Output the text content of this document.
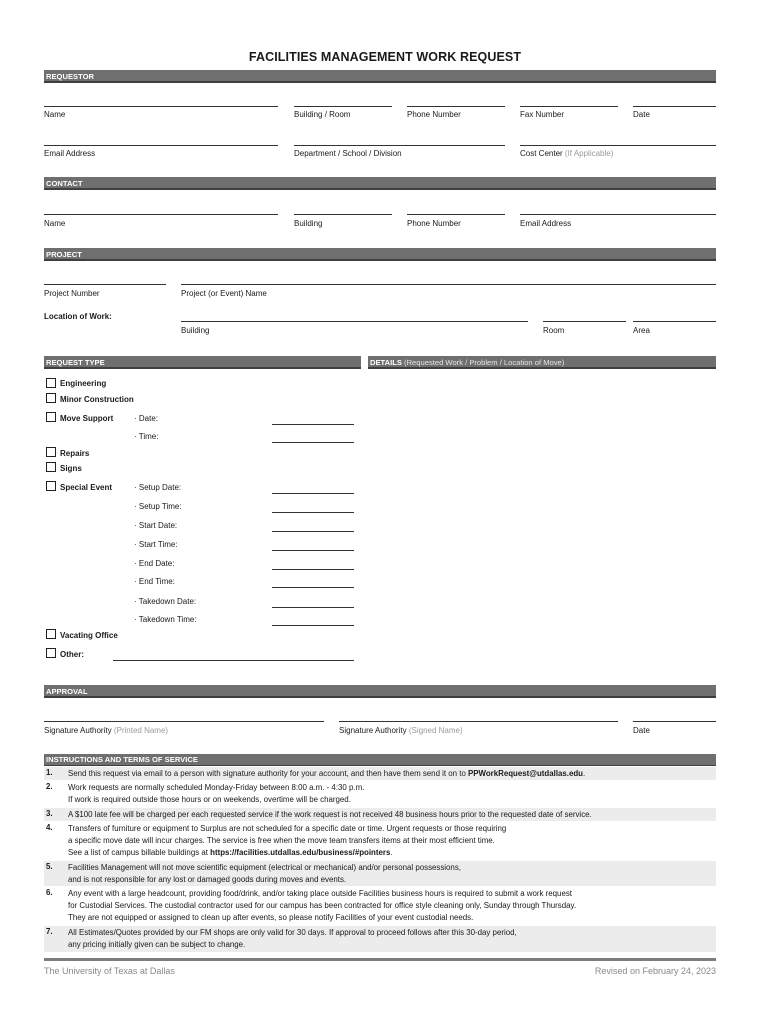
FACILITIES MANAGEMENT WORK REQUEST
REQUESTOR
Name	Building / Room	Phone Number	Fax Number	Date
Email Address	Department / School / Division	Cost Center (If Applicable)
CONTACT
Name	Building	Phone Number	Email Address
PROJECT
Project Number	Project (or Event) Name
Location of Work:
Building	Room	Area
REQUEST TYPE	DETAILS (Requested Work / Problem / Location of Move)
Engineering
Minor Construction
Move Support	· Date:
· Time:
Repairs
Signs
Special Event	· Setup Date:
· Setup Time:
· Start Date:
· Start Time:
· End Date:
· End Time:
· Takedown Date:
· Takedown Time:
Vacating Office
Other:
APPROVAL
Signature Authority (Printed Name)	Signature Authority (Signed Name)	Date
INSTRUCTIONS AND TERMS OF SERVICE
1. Send this request via email to a person with signature authority for your account, and then have them send it on to PPWorkRequest@utdallas.edu.
2. Work requests are normally scheduled Monday-Friday between 8:00 a.m. - 4:30 p.m.
If work is required outside those hours or on weekends, overtime will be charged.
3. A $100 late fee will be charged per each requested service if the work request is not received 48 business hours prior to the requested date of service.
4. Transfers of furniture or equipment to Surplus are not scheduled for a specific date or time. Urgent requests or those requiring
a specific move date will incur charges. The service is free when the move team transfers items at their most efficient time.
See a list of campus billable buildings at https://facilities.utdallas.edu/business/#pointers.
5. Facilities Management will not move scientific equipment (electrical or mechanical) and/or personal possessions,
and is not responsible for any lost or damaged goods during moves and events.
6. Any event with a large headcount, providing food/drink, and/or taking place outside Facilities business hours is required to submit a work request
for Custodial Services. The custodial contractor used for our campus has been contracted for office style cleaning only, Sunday through Thursday.
They are not equipped or assigned to clean up after events, so please notify Facilities of your event custodial needs.
7. All Estimates/Quotes provided by our FM shops are only valid for 30 days. If approval to proceed follows after this 30-day period,
any pricing initially given can be subject to change.
The University of Texas at Dallas	Revised on February 24, 2023
